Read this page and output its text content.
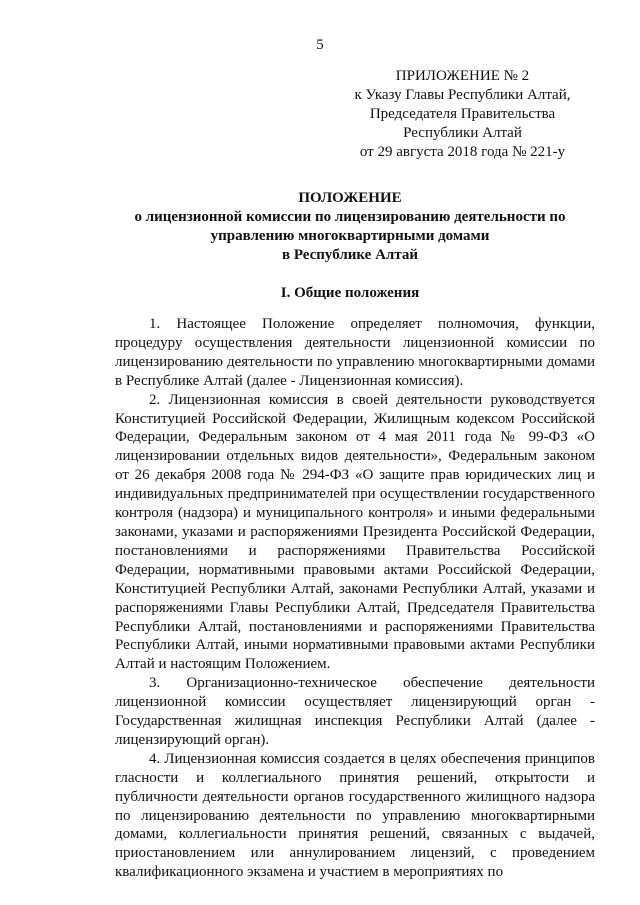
5
ПРИЛОЖЕНИЕ № 2
к Указу Главы Республики Алтай,
Председателя Правительства
Республики Алтай
от 29 августа 2018 года № 221-у
ПОЛОЖЕНИЕ
о лицензионной комиссии по лицензированию деятельности по
управлению многоквартирными домами
в Республике Алтай
I. Общие положения

1. Настоящее Положение определяет полномочия, функции, процедуру осуществления деятельности лицензионной комиссии по лицензированию деятельности по управлению многоквартирными домами в Республике Алтай (далее - Лицензионная комиссия).

2. Лицензионная комиссия в своей деятельности руководствуется Конституцией Российской Федерации, Жилищным кодексом Российской Федерации, Федеральным законом от 4 мая 2011 года № 99-ФЗ «О лицензировании отдельных видов деятельности», Федеральным законом от 26 декабря 2008 года № 294-ФЗ «О защите прав юридических лиц и индивидуальных предпринимателей при осуществлении государственного контроля (надзора) и муниципального контроля» и иными федеральными законами, указами и распоряжениями Президента Российской Федерации, постановлениями и распоряжениями Правительства Российской Федерации, нормативными правовыми актами Российской Федерации, Конституцией Республики Алтай, законами Республики Алтай, указами и распоряжениями Главы Республики Алтай, Председателя Правительства Республики Алтай, постановлениями и распоряжениями Правительства Республики Алтай, иными нормативными правовыми актами Республики Алтай и настоящим Положением.

3. Организационно-техническое обеспечение деятельности лицензионной комиссии осуществляет лицензирующий орган - Государственная жилищная инспекция Республики Алтай (далее - лицензирующий орган).

4. Лицензионная комиссия создается в целях обеспечения принципов гласности и коллегиального принятия решений, открытости и публичности деятельности органов государственного жилищного надзора по лицензированию деятельности по управлению многоквартирными домами, коллегиальности принятия решений, связанных с выдачей, приостановлением или аннулированием лицензий, с проведением квалификационного экзамена и участием в мероприятиях по
